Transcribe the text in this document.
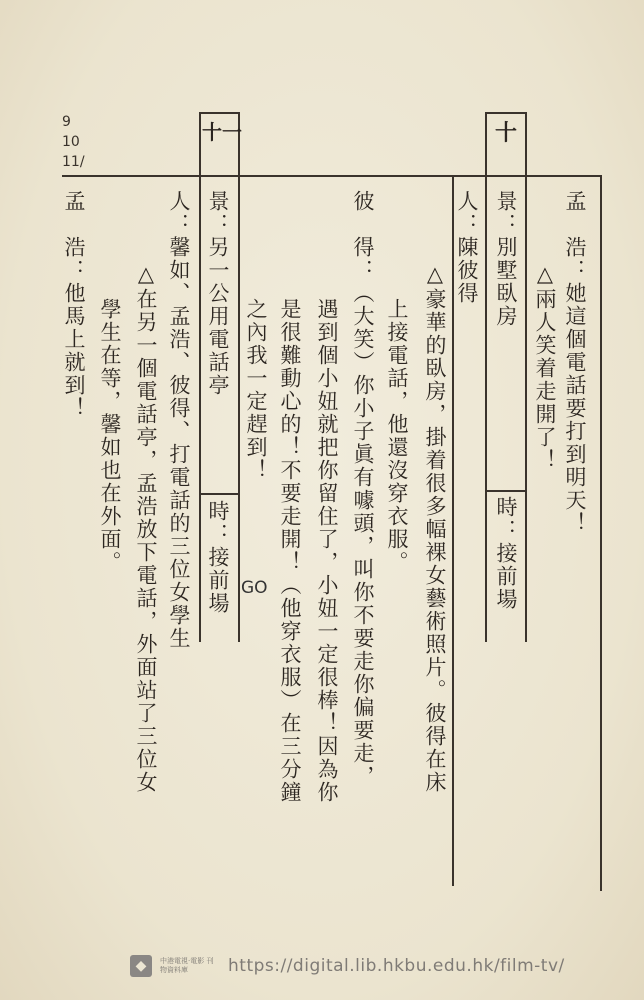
9
10
11/
十
十一
孟　浩：她這個電話要打到明天！
△兩人笑着走開了！
景：別墅臥房
時：接前場
人：陳彼得
△豪華的臥房，掛着很多幅裸女藝術照片。彼得在床
上接電話，他還沒穿衣服。
彼　得：（大笑）你小子眞有噱頭，叫你不要走你偏要走，
遇到個小妞就把你留住了，小妞一定很棒！因為你
是很難動心的！不要走開！（他穿衣服）在三分鐘
之內我一定趕到！
GO
景：另一公用電話亭
時：接前場
人：馨如、孟浩、彼得、打電話的三位女學生
△在另一個電話亭，孟浩放下電話，外面站了三位女
學生在等，馨如也在外面。
孟　浩：他馬上就到！
◆	中港電視·電影 刊物資料庫	https://digital.lib.hkbu.edu.hk/film-tv/
